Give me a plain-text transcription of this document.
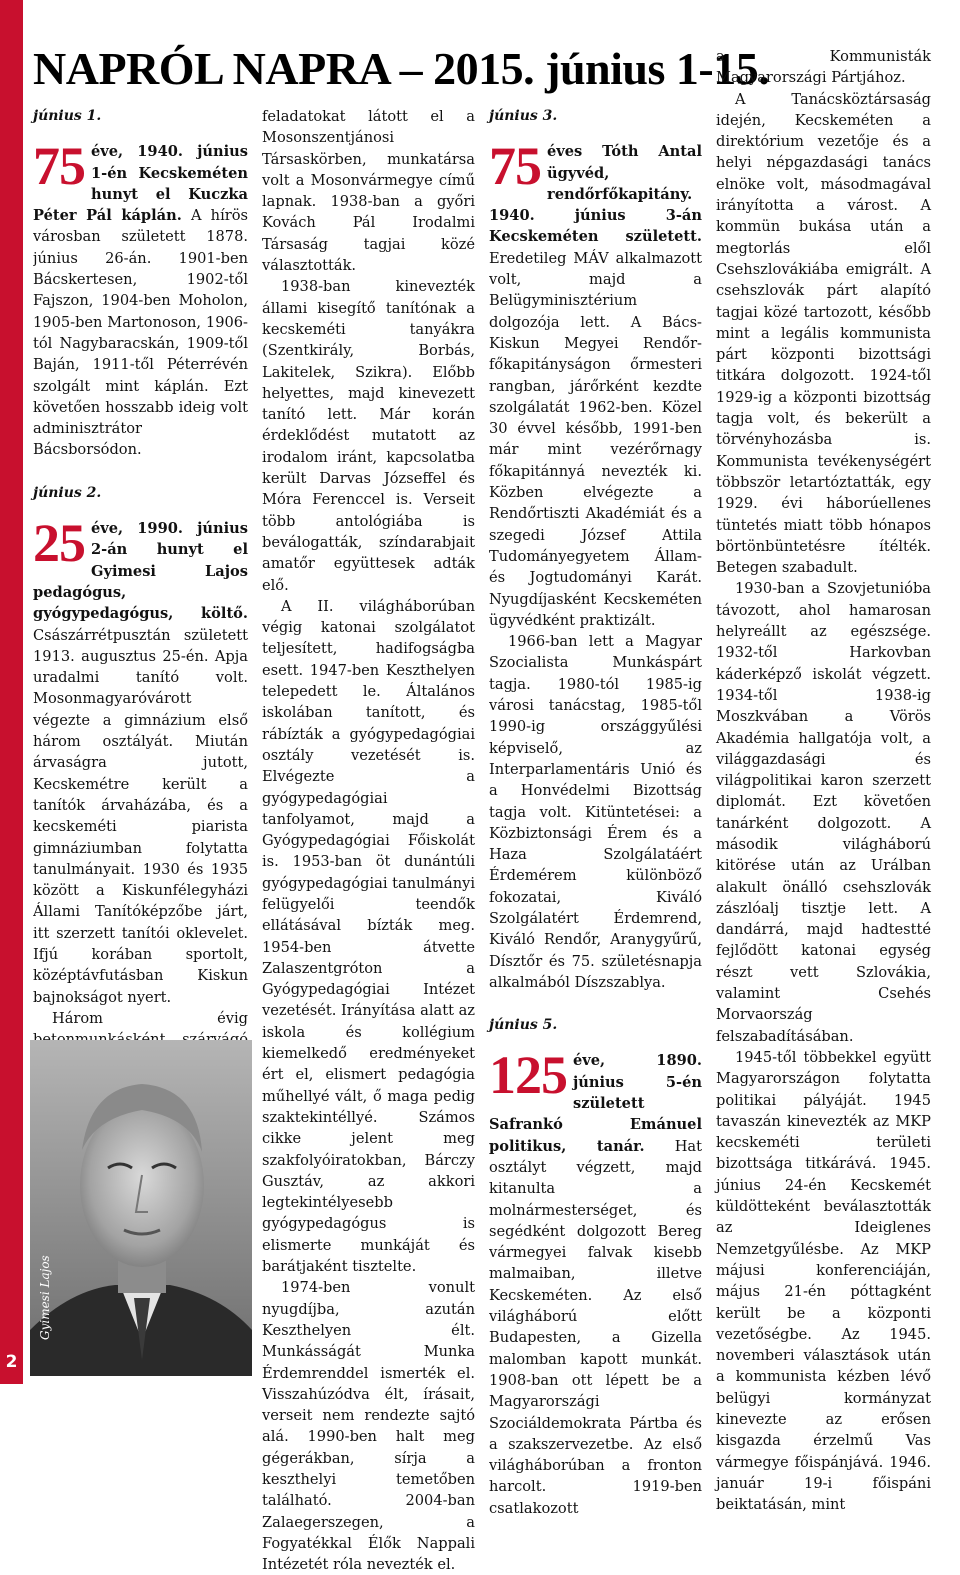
2
NAPRÓL NAPRA – 2015. június 1-15.

június 1.

75 éve, 1940. június 1-én Kecskeméten hunyt el Kuczka Péter Pál káplán. A hírös városban született 1878. június 26-án. 1901-ben Bácskertesen, 1902-től Fajszon, 1904-ben Moholon, 1905-ben Martonoson, 1906-tól Nagybaracskán, 1909-től Baján, 1911-től Péterrévén szolgált mint káplán. Ezt követően hosszabb ideig volt adminisztrátor Bácsborsódon.

június 2.

25 éve, 1990. június 2-án hunyt el Gyimesi Lajos pedagógus, gyógypedagógus, költő. Császárrétpusztán született 1913. augusztus 25-én. Apja uradalmi tanító volt. Mosonmagyaróvárott végezte a gimnázium első három osztályát. Miután árvaságra jutott, Kecskemétre került a tanítók árvaházába, és a kecskeméti piarista gimnáziumban folytatta tanulmányait. 1930 és 1935 között a Kiskunfélegyházi Állami Tanítóképzőbe járt, itt szerzett tanítói oklevelet. Ifjú korában sportolt, középtávfutásban Kiskun bajnokságot nyert.

Három évig

Gyimesi Lajos

feladatokat látott el a Mosonszentjánosi Társaskörben, munkatársa volt a Mosonvármegye című lapnak. 1938-ban a győri Kovách Pál Irodalmi Társaság tagjai közé választották.

1938-ban kinevezték állami kisegítő tanítónak a kecskeméti tanyákra (Szentkirály, Borbás, Lakitelek, Szikra). Előbb helyettes, majd kinevezett tanító lett. Már korán érdeklődést mutatott az irodalom iránt, kapcsolatba került Darvas Józseffel és Móra Ferenccel is. Verseit több antológiába is beválogatták, színdarabjait amatőr együttesek adták elő.

A II. világháborúban végig katonai szolgálatot teljesített, hadifogságba esett. 1947-ben Keszthelyen telepedett le. Általános iskolában tanított, és rábízták a gyógypedagógiai osztály vezetését is. Elvégezte a gyógypedagógiai tanfolyamot, majd a Gyógypedagógiai Főiskolát is. 1953-ban öt dunántúli gyógypedagógiai tanulmányi felügyelői teendők ellátásával bízták meg. 1954-ben átvette Zalaszentgróton a Gyógypedagógiai Intézet vezetését. Irányítása alatt az iskola és kollégium kiemelkedő eredményeket ért el, elismert pedagógia műhellyé vált, ő maga pedig szaktekintéllyé. Számos cikke jelent meg szakfolyóiratokban, Bárczy Gusztáv, az akkori legtekintélyesebb gyógypedagógus is elismerte munkáját és barátjaként tisztelte.

1974-ben vonult nyugdíjba, azután Keszthelyen élt. Munkásságát Munka Érdemrenddel ismerték el. Visszahúzódva élt, írásait, verseit nem rendezte sajtó alá. 1990-ben halt meg gégerákban, sírja a keszthelyi temetőben található. 2004-ban Zalaegerszegen, a Fogyatékkal Élők Nappali Intézetét róla nevezték el.

június 3.

75 éves Tóth Antal ügyvéd, rendőrfőkapitány. 1940. június 3-án Kecskeméten született. Eredetileg MÁV alkalmazott volt, majd a Belügyminisztérium dolgozója lett. A Bács-Kiskun Megyei Rendőr-főkapitányságon őrmesteri rangban, járőrként kezdte szolgálatát 1962-ben. Közel 30 évvel később, 1991-ben már mint vezérőrnagy főkapitánnyá nevezték ki. Közben elvégezte a Rendőrtiszti Akadémiát és a szegedi József Attila Tudományegyetem Állam- és Jogtudományi Karát. Nyugdíjasként Kecskeméten ügyvédként praktizált.

1966-ban lett a Magyar Szocialista Munkáspárt tagja. 1980-tól 1985-ig városi tanácstag, 1985-től 1990-ig országgyűlési képviselő, az Interparlamentáris Unió és a Honvédelmi Bizottság tagja volt. Kitüntetései: a Közbiztonsági Érem és a Haza Szolgálatáért Érdemérem különböző fokozatai, Kiváló Szolgálatért Érdemrend, Kiváló Rendőr, Aranygyűrű, Dísztőr és 75. születésnapja alkalmából Díszszablya.

június 5.

125 éve, 1890. június 5-én született Safrankó Emánuel politikus, tanár. Hat osztályt végzett, majd kitanulta a molnármesterséget, és segédként dolgozott Bereg vármegyei falvak kisebb malmaiban, illetve Kecskeméten. Az első világháború előtt Budapesten, a Gizella malomban kapott munkát. 1908-ban ott lépett be a Magyarországi Szociáldemokrata Pártba és a szakszervezetbe. Az első világháborúban a fronton harcolt. 1919-ben csatlakozott

a Kommunisták Magyarországi Pártjához.

A Tanácsköztársaság idején, Kecskeméten a direktórium vezetője és a helyi népgazdasági tanács elnöke volt, másodmagával irányította a várost. A kommün bukása után a megtorlás elől Csehszlovákiába emigrált. A csehszlovák párt alapító tagjai közé tartozott, később mint a legális kommunista párt központi bizottsági titkára dolgozott. 1924-től 1929-ig a központi bizottság tagja volt, és bekerült a törvényhozásba is. Kommunista tevékenységért többször letartóztatták, egy 1929. évi háborúellenes tüntetés miatt több hónapos börtönbüntetésre ítélték. Betegen szabadult.

1930-ban a Szovjetunióba távozott, ahol hamarosan helyreállt az egészsége. 1932-től Harkovban káderképző iskolát végzett. 1934-től 1938-ig Moszkvában a Vörös Akadémia hallgatója volt, a világgazdasági és világpolitikai karon szerzett diplomát. Ezt követően tanárként dolgozott. A második világháború kitörése után az Urálban alakult önálló csehszlovák zászlóalj tisztje lett. A dandárrá, majd hadtestté fejlődött katonai egység részt vett Szlovákia, valamint Csehés Morvaország felszabadításában.

1945-től többekkel együtt Magyarországon folytatta politikai pályáját. 1945 tavaszán kinevezték az MKP kecskeméti területi bizottsága titkárává. 1945. június 24-én Kecskemét küldötteként beválasztották az Ideiglenes Nemzetgyűlésbe. Az MKP májusi konferenciáján, május 21-én póttagként került be a központi vezetőségbe. Az 1945. novemberi választások után a kommunista kézben lévő belügyi kormányzat kinevezte az erősen kisgazda érzelmű Vas vármegye főispánjává. 1946. január 19-i főispáni beiktatásán, mint
